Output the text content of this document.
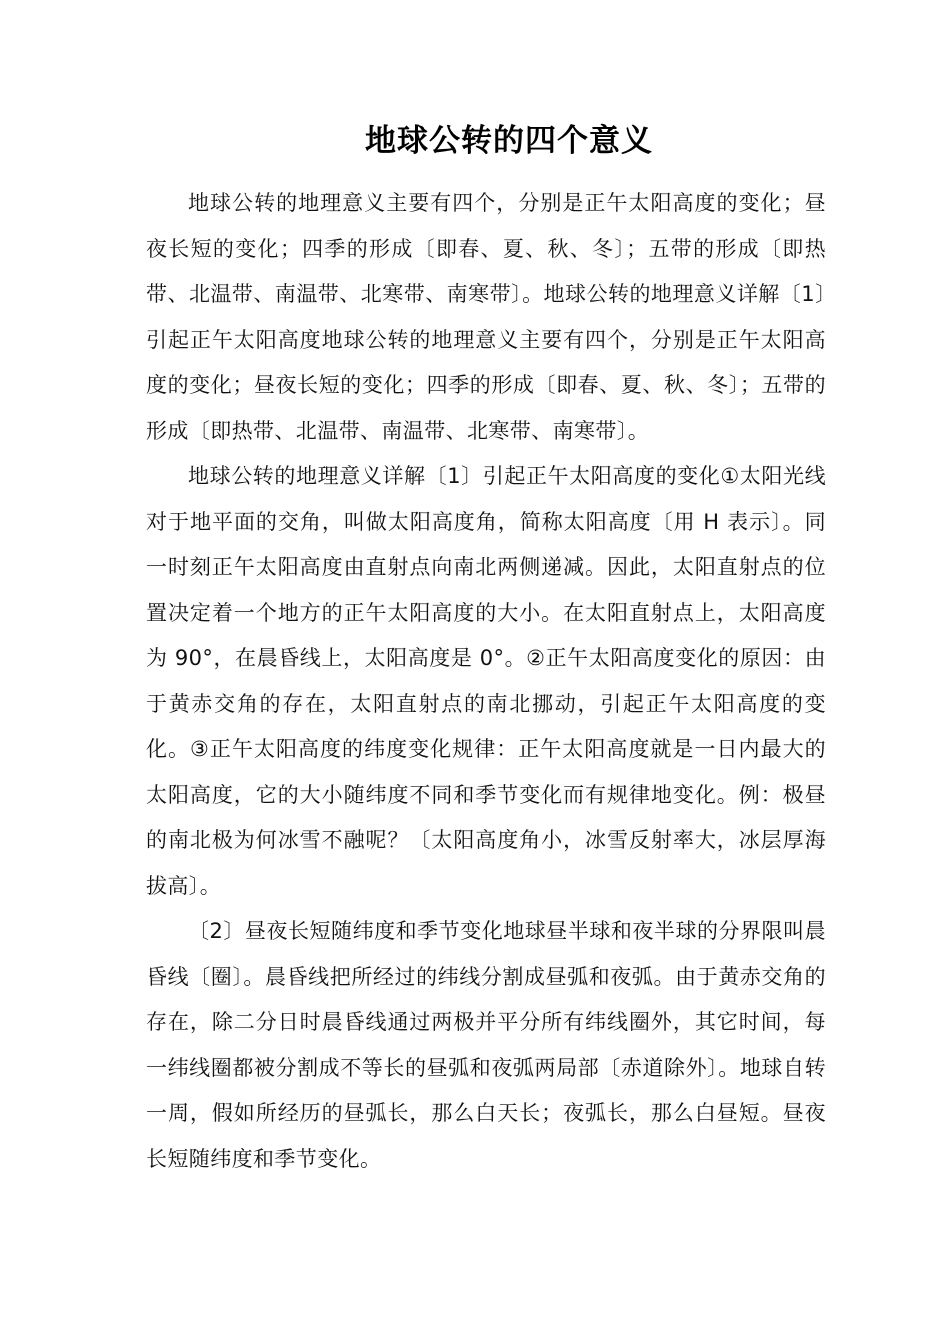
地球公转的四个意义

地球公转的地理意义主要有四个，分别是正午太阳高度的变化；昼夜长短的变化；四季的形成〔即春、夏、秋、冬〕；五带的形成〔即热带、北温带、南温带、北寒带、南寒带〕。地球公转的地理意义详解〔1〕引起正午太阳高度地球公转的地理意义主要有四个，分别是正午太阳高度的变化；昼夜长短的变化；四季的形成〔即春、夏、秋、冬〕；五带的形成〔即热带、北温带、南温带、北寒带、南寒带〕。

地球公转的地理意义详解〔1〕引起正午太阳高度的变化①太阳光线对于地平面的交角，叫做太阳高度角，简称太阳高度〔用 H 表示〕。同一时刻正午太阳高度由直射点向南北两侧递减。因此，太阳直射点的位置决定着一个地方的正午太阳高度的大小。在太阳直射点上，太阳高度为 90°，在晨昏线上，太阳高度是 0°。②正午太阳高度变化的原因：由于黄赤交角的存在，太阳直射点的南北挪动，引起正午太阳高度的变化。③正午太阳高度的纬度变化规律：正午太阳高度就是一日内最大的太阳高度，它的大小随纬度不同和季节变化而有规律地变化。例：极昼的南北极为何冰雪不融呢？〔太阳高度角小，冰雪反射率大，冰层厚海拔高〕。

〔2〕昼夜长短随纬度和季节变化地球昼半球和夜半球的分界限叫晨昏线〔圈〕。晨昏线把所经过的纬线分割成昼弧和夜弧。由于黄赤交角的存在，除二分日时晨昏线通过两极并平分所有纬线圈外，其它时间，每一纬线圈都被分割成不等长的昼弧和夜弧两局部〔赤道除外〕。地球自转一周，假如所经历的昼弧长，那么白天长；夜弧长，那么白昼短。昼夜长短随纬度和季节变化。
